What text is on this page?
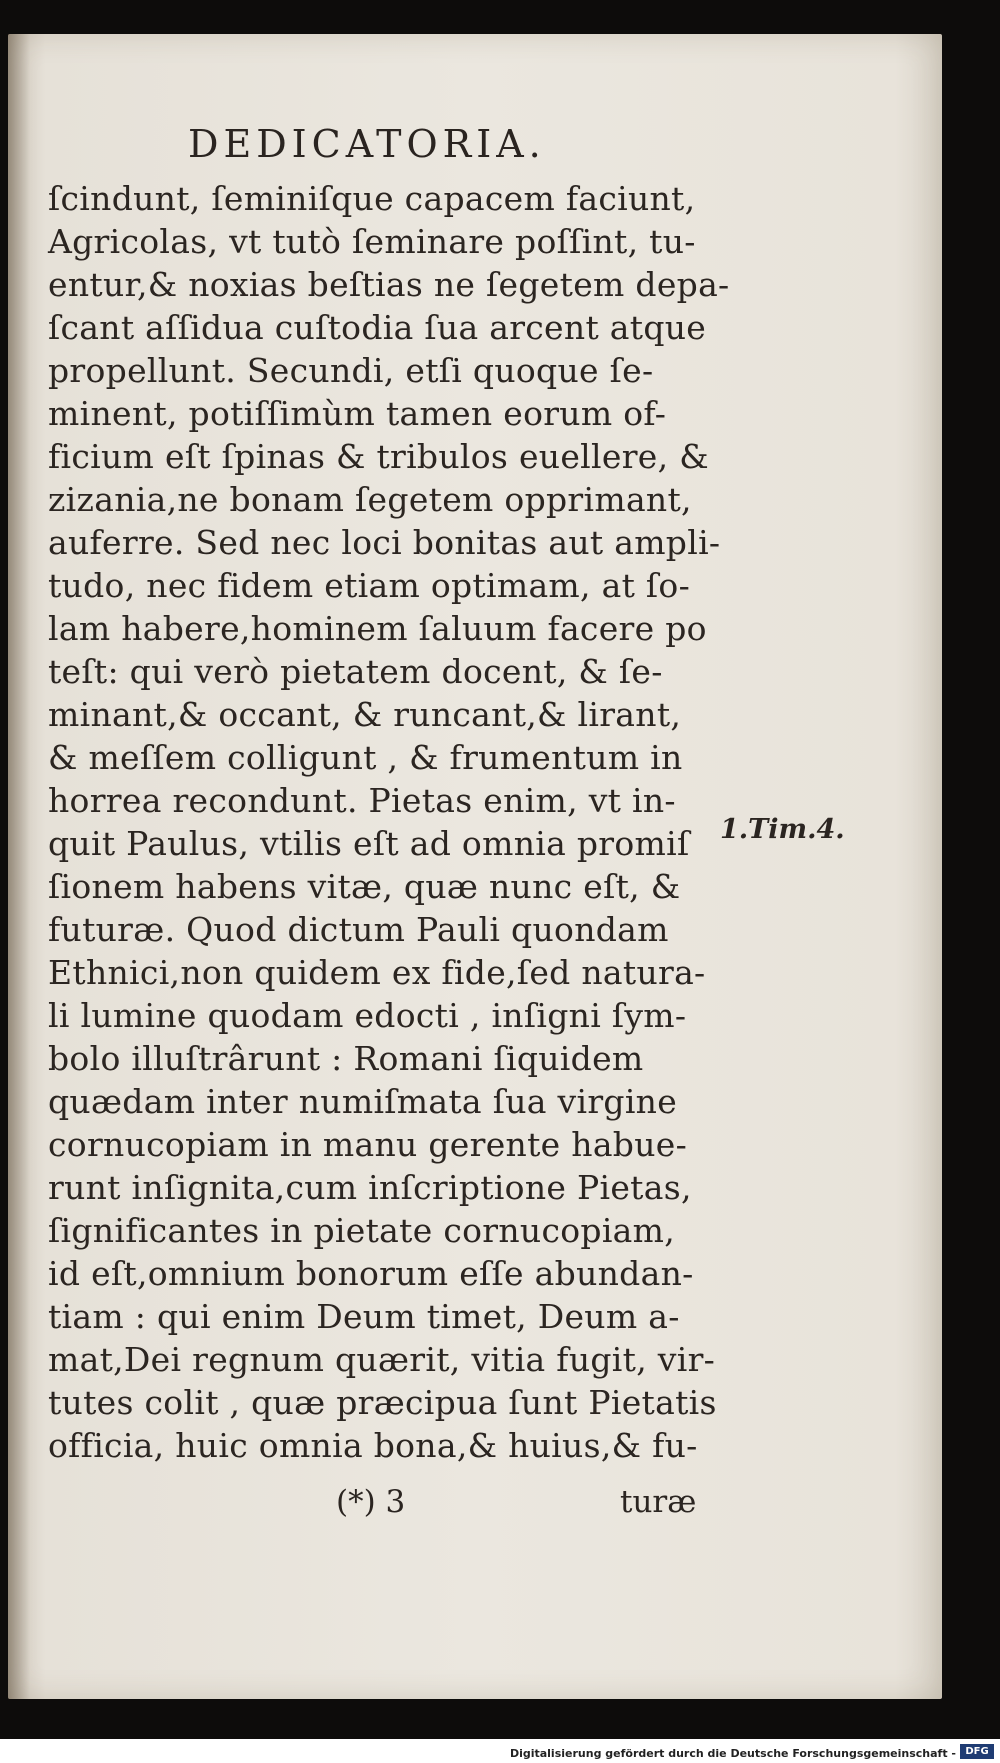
DEDICATORIA.
ſcindunt, ſeminiſque capacem faciunt,
Agricolas, vt tutò ſeminare poſſint, tu-
entur,& noxias beſtias ne ſegetem depa-
ſcant aſſidua cuſtodia ſua arcent atque
propellunt. Secundi, etſi quoque ſe-
minent, potiſſimùm tamen eorum of-
ficium eſt ſpinas & tribulos euellere, &
zizania,ne bonam ſegetem opprimant,
auferre. Sed nec loci bonitas aut ampli-
tudo, nec fidem etiam optimam, at ſo-
lam habere,hominem ſaluum facere po
teſt: qui verò pietatem docent, & ſe-
minant,& occant, & runcant,& lirant,
& meſſem colligunt , & frumentum in
horrea recondunt. Pietas enim, vt in-
quit Paulus, vtilis eſt ad omnia promiſ
ſionem habens vitæ, quæ nunc eſt, &
futuræ. Quod dictum Pauli quondam
Ethnici,non quidem ex fide,ſed natura-
li lumine quodam edocti , inſigni ſym-
bolo illuſtrârunt : Romani ſiquidem
quædam inter numiſmata ſua virgine
cornucopiam in manu gerente habue-
runt inſignita,cum inſcriptione Pietas,
ſignificantes in pietate cornucopiam,
id eſt,omnium bonorum eſſe abundan-
tiam : qui enim Deum timet, Deum a-
mat,Dei regnum quærit, vitia fugit, vir-
tutes colit , quæ præcipua ſunt Pietatis
officia, huic omnia bona,& huius,& fu-
1.Tim.4.
(*) 3	turæ
Digitalisierung gefördert durch die Deutsche Forschungsgemeinschaft - DFG
